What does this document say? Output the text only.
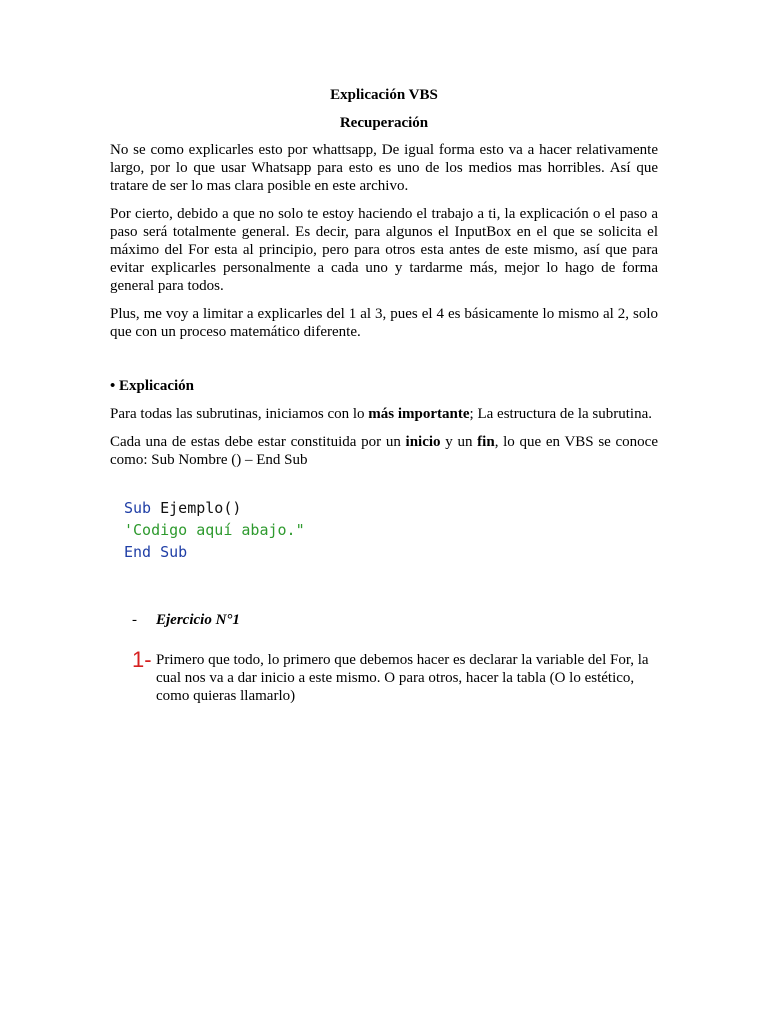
Explicación VBS

Recuperación

No se como explicarles esto por whattsapp, De igual forma esto va a hacer relativamente largo, por lo que usar Whatsapp para esto es uno de los medios mas horribles. Así que tratare de ser lo mas clara posible en este archivo.

Por cierto, debido a que no solo te estoy haciendo el trabajo a ti, la explicación o el paso a paso será totalmente general. Es decir, para algunos el InputBox en el que se solicita el máximo del For esta al principio, pero para otros esta antes de este mismo, así que para evitar explicarles personalmente a cada uno y tardarme más, mejor lo hago de forma general para todos.

Plus, me voy a limitar a explicarles del 1 al 3, pues el 4 es básicamente lo mismo al 2, solo que con un proceso matemático diferente.

• Explicación

Para todas las subrutinas, iniciamos con lo más importante; La estructura de la subrutina.

Cada una de estas debe estar constituida por un inicio y un fin, lo que en VBS se conoce como: Sub Nombre () – End Sub

Sub Ejemplo()
'Codigo aquí abajo."
End Sub
-	Ejercicio N°1
1- Primero que todo, lo primero que debemos hacer es declarar la variable del For, la cual nos va a dar inicio a este mismo. O para otros, hacer la tabla (O lo estético, como quieras llamarlo)
